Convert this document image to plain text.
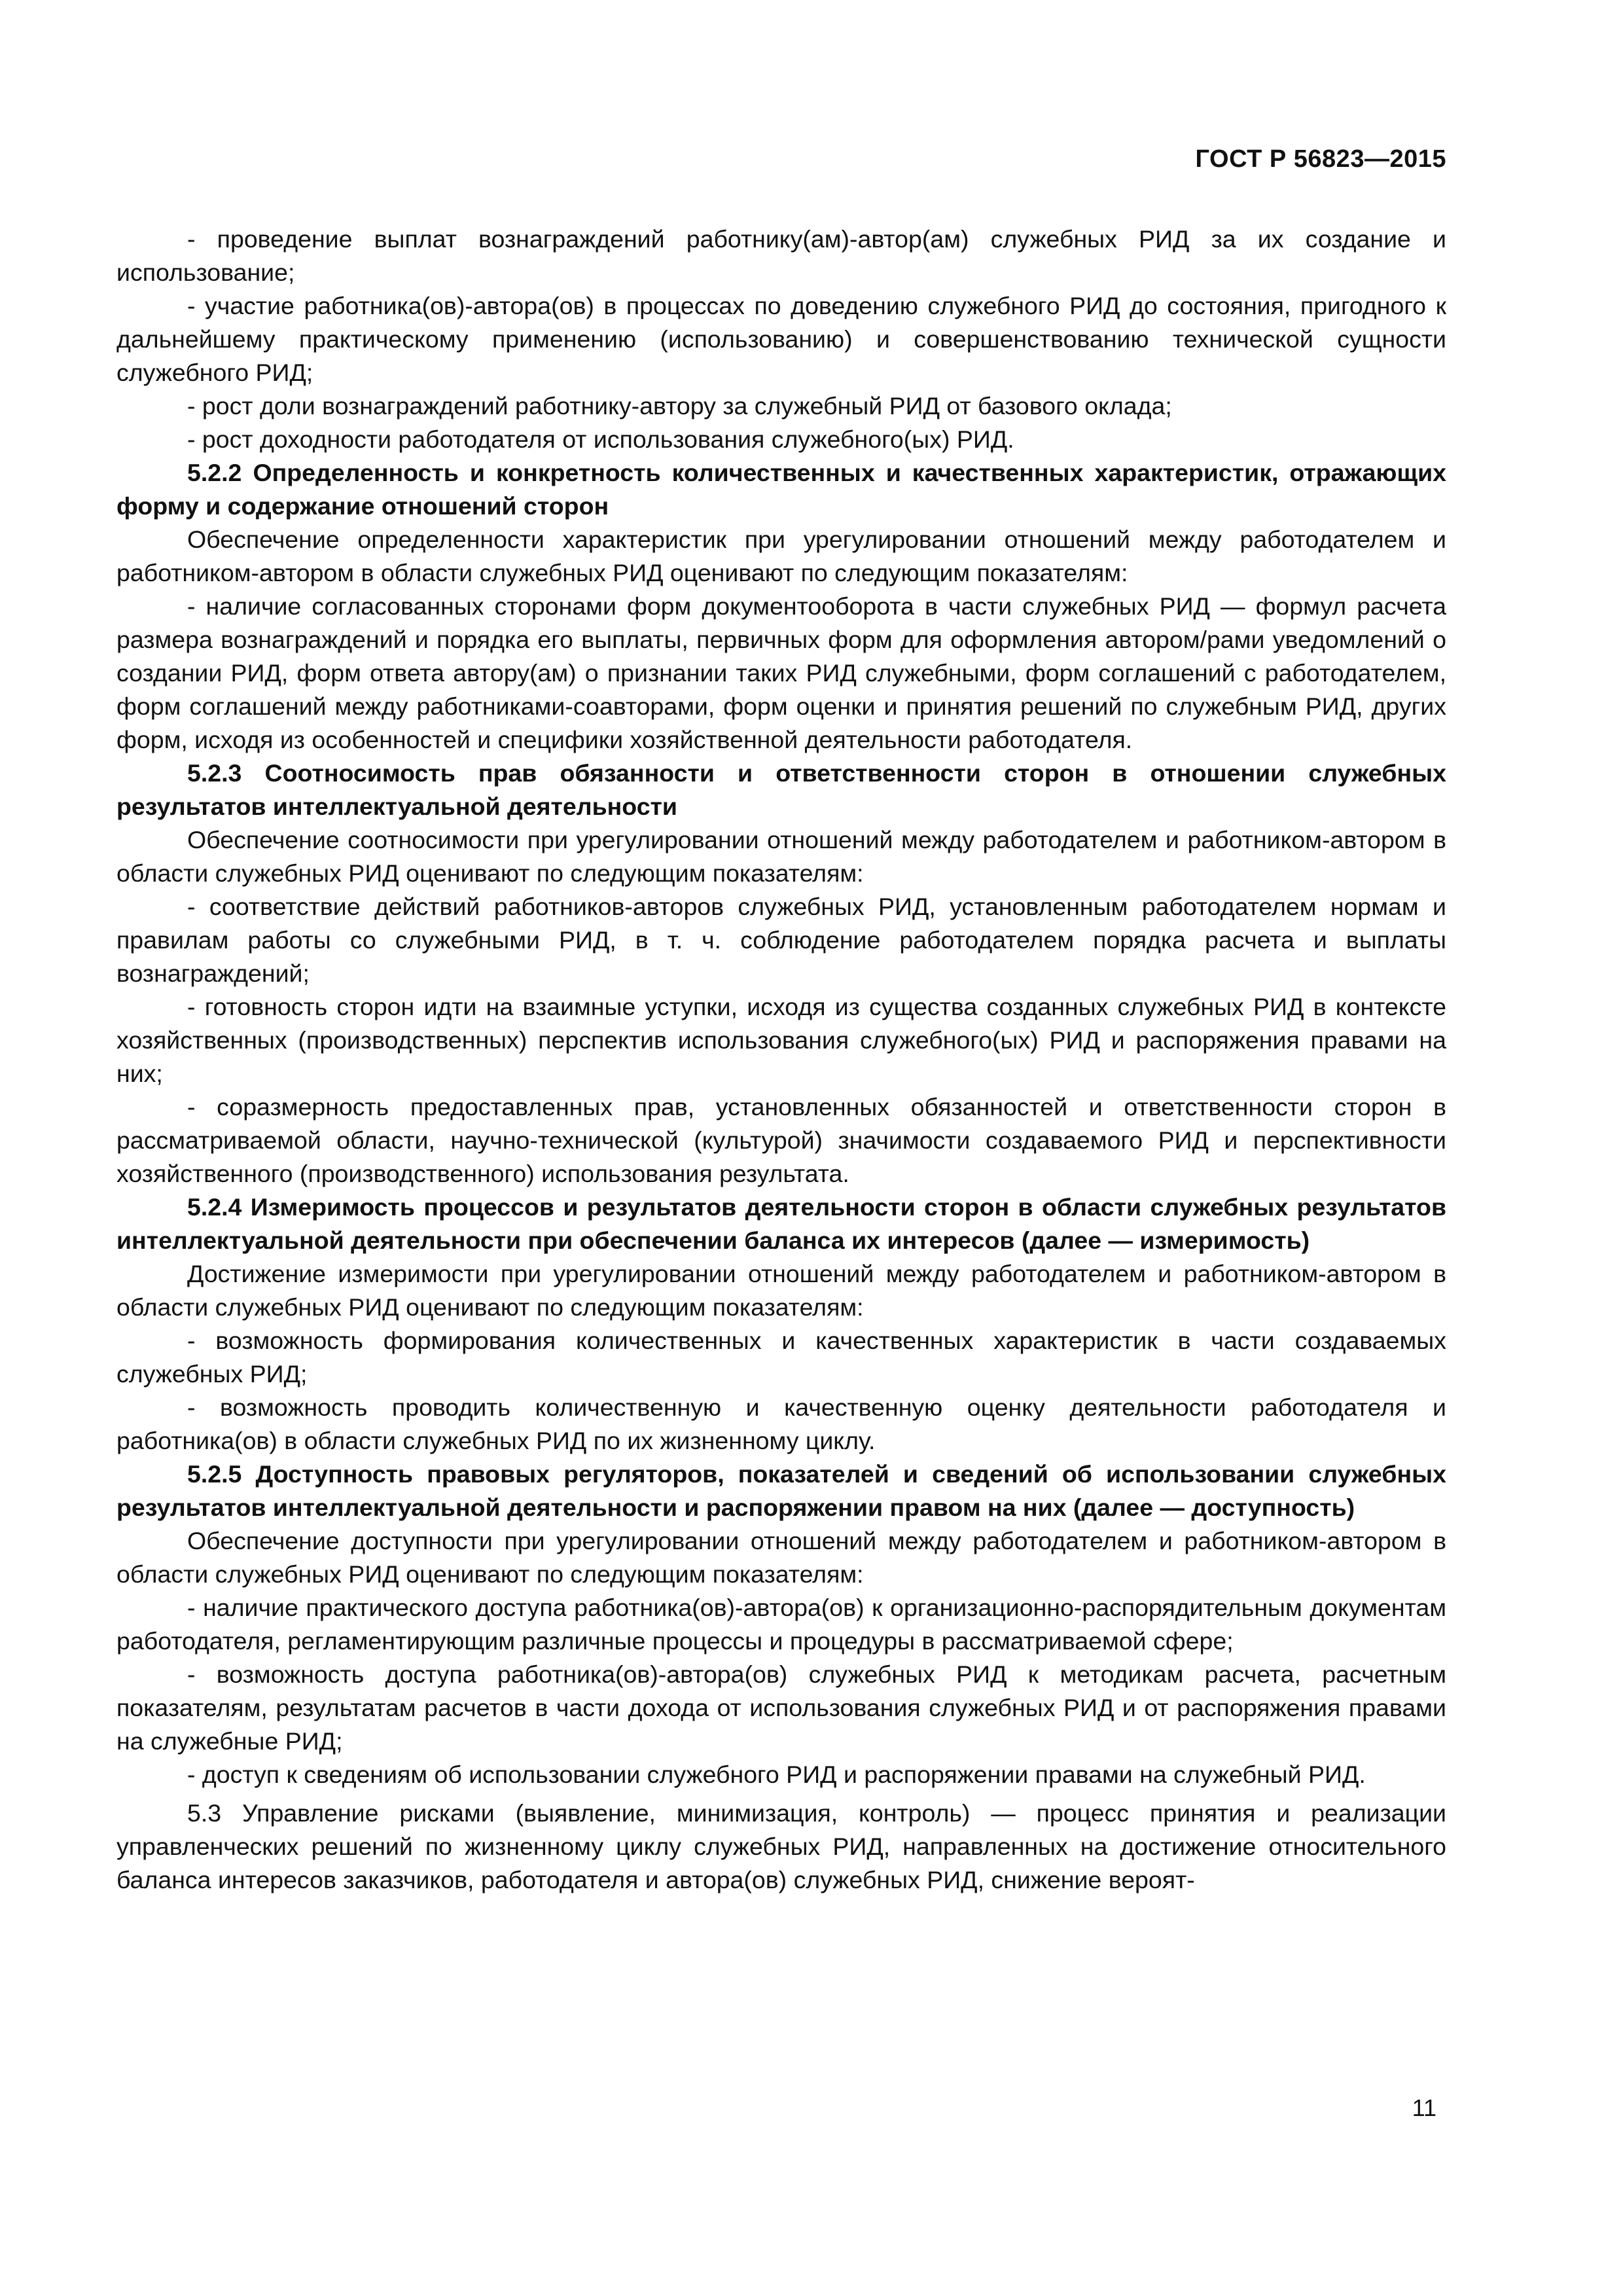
ГОСТ Р 56823—2015

- проведение выплат вознаграждений работнику(ам)-автор(ам) служебных РИД за их создание и использование;

- участие работника(ов)-автора(ов) в процессах по доведению служебного РИД до состояния, пригодного к дальнейшему практическому применению (использованию) и совершенствованию технической сущности служебного РИД;

- рост доли вознаграждений работнику-автору за служебный РИД от базового оклада;

- рост доходности работодателя от использования служебного(ых) РИД.

5.2.2 Определенность и конкретность количественных и качественных характеристик, отражающих форму и содержание отношений сторон

Обеспечение определенности характеристик при урегулировании отношений между работодателем и работником-автором в области служебных РИД оценивают по следующим показателям:

- наличие согласованных сторонами форм документооборота в части служебных РИД — формул расчета размера вознаграждений и порядка его выплаты, первичных форм для оформления автором/рами уведомлений о создании РИД, форм ответа автору(ам) о признании таких РИД служебными, форм соглашений с работодателем, форм соглашений между работниками-соавторами, форм оценки и принятия решений по служебным РИД, других форм, исходя из особенностей и специфики хозяйственной деятельности работодателя.

5.2.3 Соотносимость прав обязанности и ответственности сторон в отношении служебных результатов интеллектуальной деятельности

Обеспечение соотносимости при урегулировании отношений между работодателем и работником-автором в области служебных РИД оценивают по следующим показателям:

- соответствие действий работников-авторов служебных РИД, установленным работодателем нормам и правилам работы со служебными РИД, в т. ч. соблюдение работодателем порядка расчета и выплаты вознаграждений;

- готовность сторон идти на взаимные уступки, исходя из существа созданных служебных РИД в контексте хозяйственных (производственных) перспектив использования служебного(ых) РИД и распоряжения правами на них;

- соразмерность предоставленных прав, установленных обязанностей и ответственности сторон в рассматриваемой области, научно-технической (культурой) значимости создаваемого РИД и перспективности хозяйственного (производственного) использования результата.

5.2.4 Измеримость процессов и результатов деятельности сторон в области служебных результатов интеллектуальной деятельности при обеспечении баланса их интересов (далее — измеримость)

Достижение измеримости при урегулировании отношений между работодателем и работником-автором в области служебных РИД оценивают по следующим показателям:

- возможность формирования количественных и качественных характеристик в части создаваемых служебных РИД;

- возможность проводить количественную и качественную оценку деятельности работодателя и работника(ов) в области служебных РИД по их жизненному циклу.

5.2.5 Доступность правовых регуляторов, показателей и сведений об использовании служебных результатов интеллектуальной деятельности и распоряжении правом на них (далее — доступность)

Обеспечение доступности при урегулировании отношений между работодателем и работником-автором в области служебных РИД оценивают по следующим показателям:

- наличие практического доступа работника(ов)-автора(ов) к организационно-распорядительным документам работодателя, регламентирующим различные процессы и процедуры в рассматриваемой сфере;

- возможность доступа работника(ов)-автора(ов) служебных РИД к методикам расчета, расчетным показателям, результатам расчетов в части дохода от использования служебных РИД и от распоряжения правами на служебные РИД;

- доступ к сведениям об использовании служебного РИД и распоряжении правами на служебный РИД.

5.3 Управление рисками (выявление, минимизация, контроль) — процесс принятия и реализации управленческих решений по жизненному циклу служебных РИД, направленных на достижение относительного баланса интересов заказчиков, работодателя и автора(ов) служебных РИД, снижение вероят-

11
